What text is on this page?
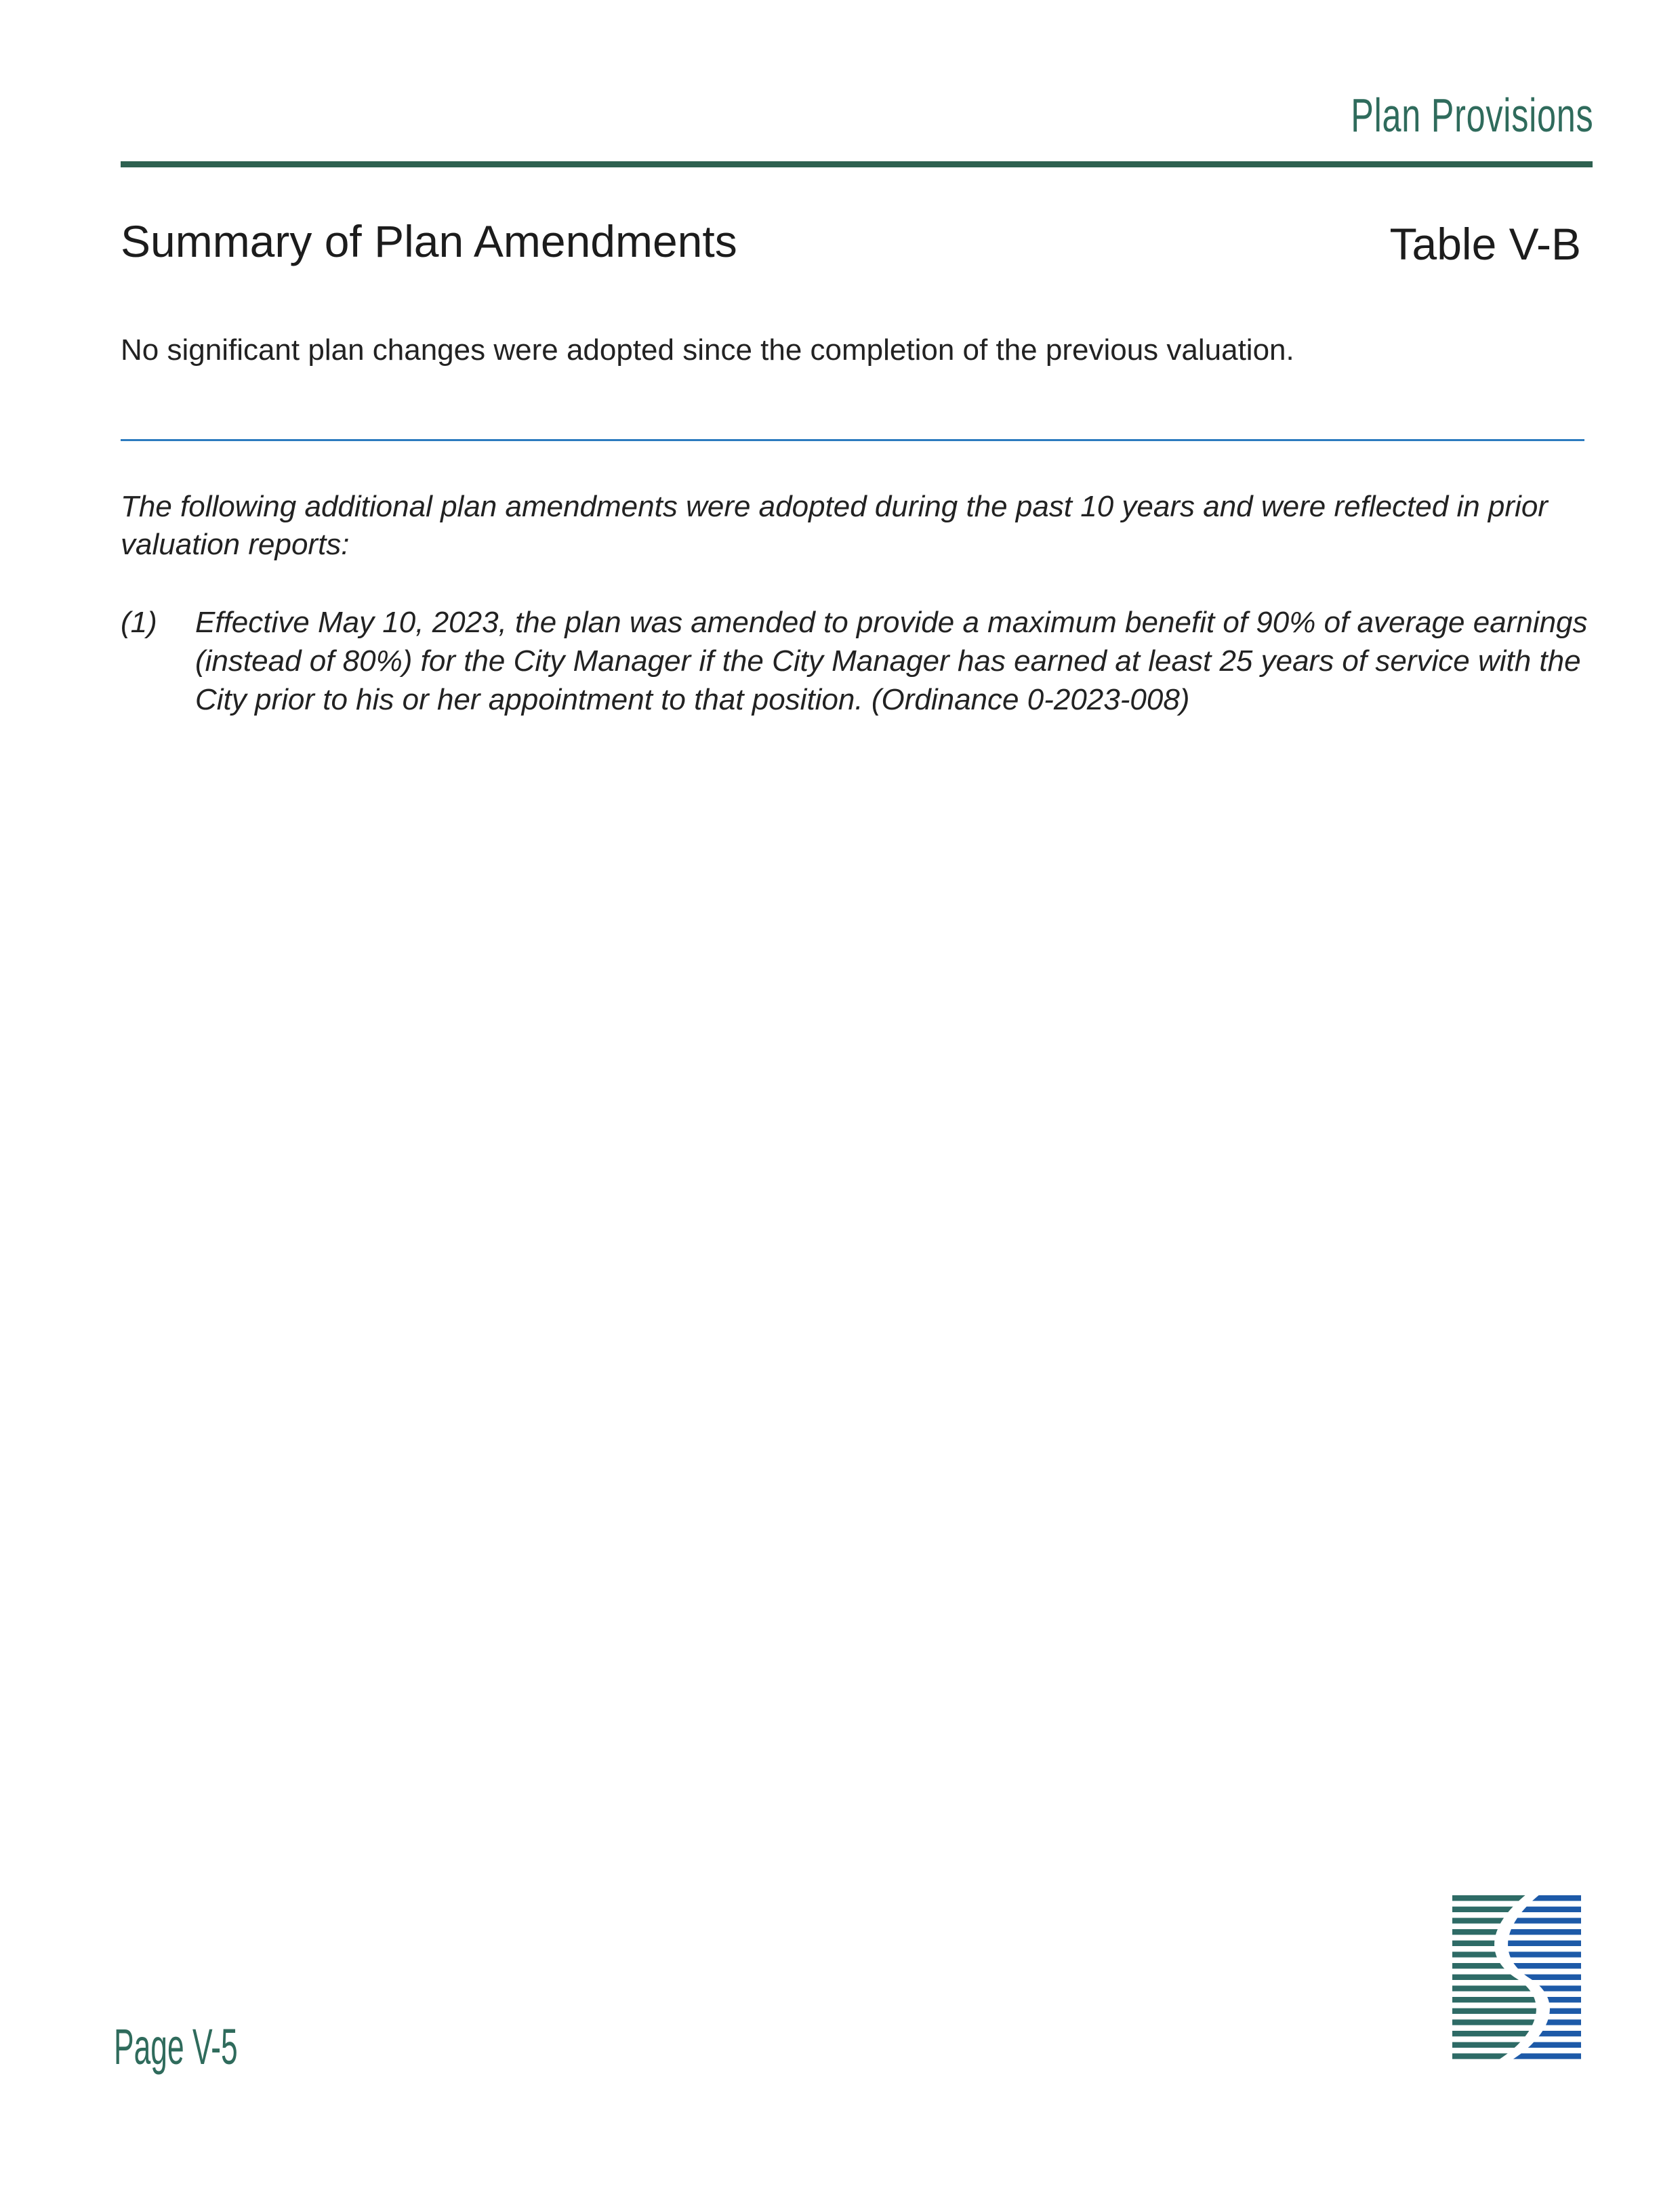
Plan Provisions
Summary of Plan Amendments	Table V-B
No significant plan changes were adopted since the completion of the previous valuation.
The following additional plan amendments were adopted during the past 10 years and were reflected in prior valuation reports:
(1) Effective May 10, 2023, the plan was amended to provide a maximum benefit of 90% of average earnings (instead of 80%) for the City Manager if the City Manager has earned at least 25 years of service with the City prior to his or her appointment to that position. (Ordinance 0-2023-008)
Page V-5
